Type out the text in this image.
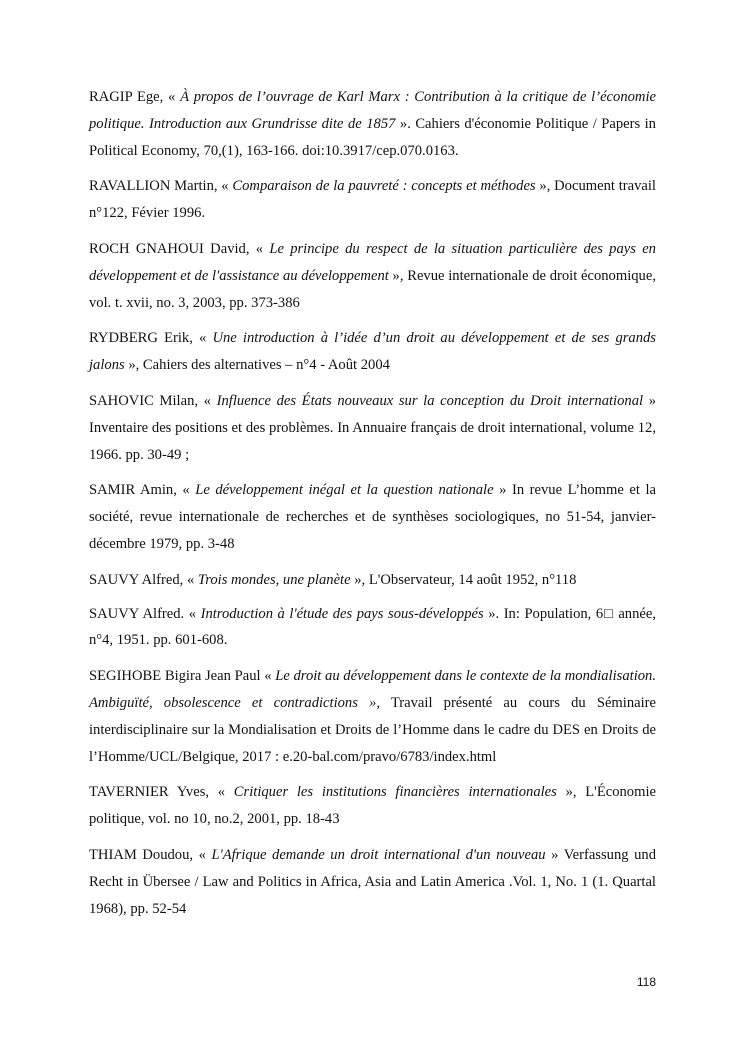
RAGIP Ege, « À propos de l’ouvrage de Karl Marx : Contribution à la critique de l’économie politique. Introduction aux Grundrisse dite de 1857 ». Cahiers d'économie Politique / Papers in Political Economy, 70,(1), 163-166. doi:10.3917/cep.070.0163.

RAVALLION Martin, « Comparaison de la pauvreté : concepts et méthodes », Document travail n°122, Févier 1996.

ROCH GNAHOUI David, « Le principe du respect de la situation particulière des pays en développement et de l'assistance au développement », Revue internationale de droit économique, vol. t. xvii, no. 3, 2003, pp. 373-386

RYDBERG Erik, « Une introduction à l’idée d’un droit au développement et de ses grands jalons », Cahiers des alternatives – n°4 - Août 2004

SAHOVIC Milan, « Influence des États nouveaux sur la conception du Droit international » Inventaire des positions et des problèmes. In Annuaire français de droit international, volume 12, 1966. pp. 30-49 ;

SAMIR Amin, « Le développement inégal et la question nationale » In revue L’homme et la société, revue internationale de recherches et de synthèses sociologiques, no 51-54, janvier-décembre 1979, pp. 3-48

SAUVY Alfred, « Trois mondes, une planète », L'Observateur, 14 août 1952, n°118

SAUVY Alfred. « Introduction à l'étude des pays sous-développés ». In: Population, 6□ année, n°4, 1951. pp. 601-608.

SEGIHOBE Bigira Jean Paul « Le droit au développement dans le contexte de la mondialisation. Ambiguïté, obsolescence et contradictions », Travail présenté au cours du Séminaire interdisciplinaire sur la Mondialisation et Droits de l’Homme dans le cadre du DES en Droits de l’Homme/UCL/Belgique, 2017 : e.20-bal.com/pravo/6783/index.html

TAVERNIER Yves, « Critiquer les institutions financières internationales », L'Économie politique, vol. no 10, no.2, 2001, pp. 18-43

THIAM Doudou, « L'Afrique demande un droit international d'un nouveau » Verfassung und Recht in Übersee / Law and Politics in Africa, Asia and Latin America .Vol. 1, No. 1 (1. Quartal 1968), pp. 52-54

118
